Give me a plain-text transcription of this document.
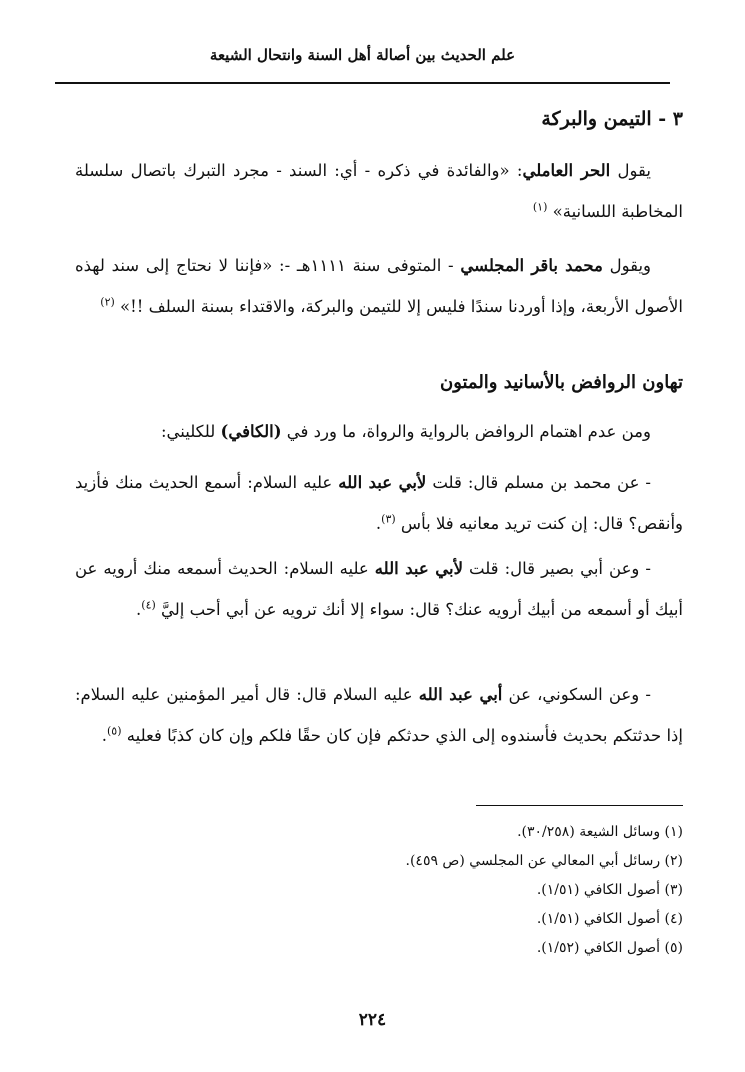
علم الحديث بين أصالة أهل السنة وانتحال الشيعة
٣ - التيمن والبركة

يقول الحر العاملي: «والفائدة في ذكره - أي: السند - مجرد التبرك باتصال سلسلة المخاطبة اللسانية» $^{(١)}$

ويقول محمد باقر المجلسي - المتوفى سنة ١١١١هـ -: «فإننا لا نحتاج إلى سند لهذه الأصول الأربعة، وإذا أوردنا سندًا فليس إلا للتيمن والبركة، والاقتداء بسنة السلف !!» $^{(٢)}$

تهاون الروافض بالأسانيد والمتون

ومن عدم اهتمام الروافض بالرواية والرواة، ما ورد في (الكافي) للكليني:

- عن محمد بن مسلم قال: قلت لأبي عبد الله عليه السلام: أسمع الحديث منك فأزيد وأنقص؟ قال: إن كنت تريد معانيه فلا بأس $^{(٣)}$.

- وعن أبي بصير قال: قلت لأبي عبد الله عليه السلام: الحديث أسمعه منك أرويه عن أبيك أو أسمعه من أبيك أرويه عنك؟ قال: سواء إلا أنك ترويه عن أبي أحب إليَّ $^{(٤)}$.

- وعن السكوني، عن أبي عبد الله عليه السلام قال: قال أمير المؤمنين عليه السلام: إذا حدثتكم بحديث فأسندوه إلى الذي حدثكم فإن كان حقًا فلكم وإن كان كذبًا فعليه $^{(٥)}$.

(١) وسائل الشيعة (٣٠/٢٥٨).
(٢) رسائل أبي المعالي عن المجلسي (ص ٤٥٩).
(٣) أصول الكافي (١/٥١).
(٤) أصول الكافي (١/٥١).
(٥) أصول الكافي (١/٥٢).
٢٢٤
